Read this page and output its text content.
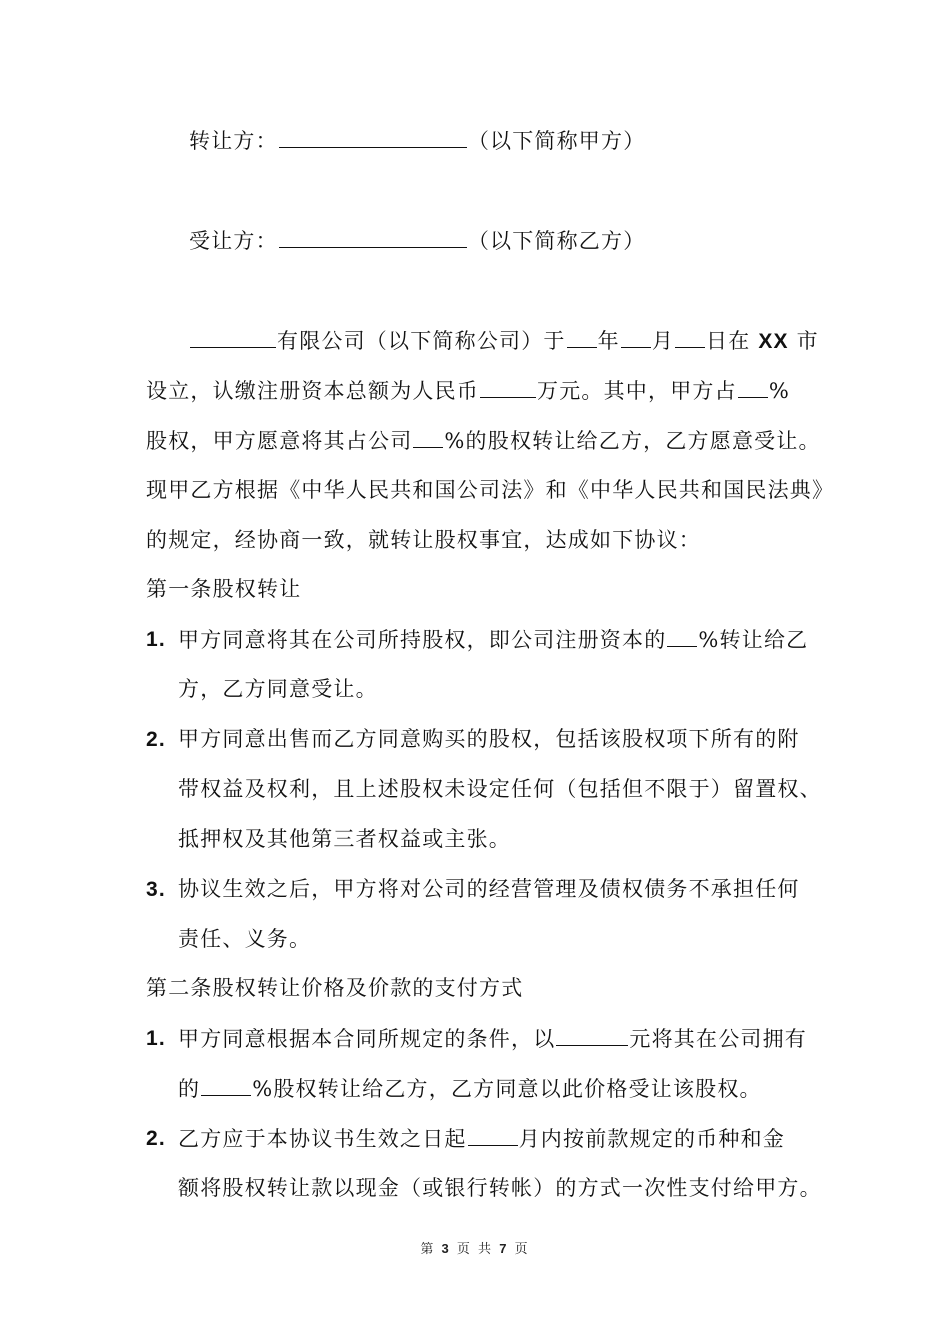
转让方：	（以下简称甲方）
受让方：	（以下简称乙方）
有限公司（以下简称公司）于 年 月 日在 XX 市
设立，认缴注册资本总额为人民币	万元。其中，甲方占 %
股权，甲方愿意将其占公司 %的股权转让给乙方，乙方愿意受让。
现甲乙方根据《中华人民共和国公司法》和《中华人民共和国民法典》
的规定，经协商一致，就转让股权事宜，达成如下协议：
第一条股权转让
1. 甲方同意将其在公司所持股权，即公司注册资本的 %转让给乙
方，乙方同意受让。
2. 甲方同意出售而乙方同意购买的股权，包括该股权项下所有的附
带权益及权利，且上述股权未设定任何（包括但不限于）留置权、
抵押权及其他第三者权益或主张。
3. 协议生效之后，甲方将对公司的经营管理及债权债务不承担任何
责任、义务。
第二条股权转让价格及价款的支付方式
1. 甲方同意根据本合同所规定的条件，以	元将其在公司拥有
的 %股权转让给乙方，乙方同意以此价格受让该股权。
2. 乙方应于本协议书生效之日起 月内按前款规定的币种和金
额将股权转让款以现金（或银行转帐）的方式一次性支付给甲方。
第 3 页 共 7 页
